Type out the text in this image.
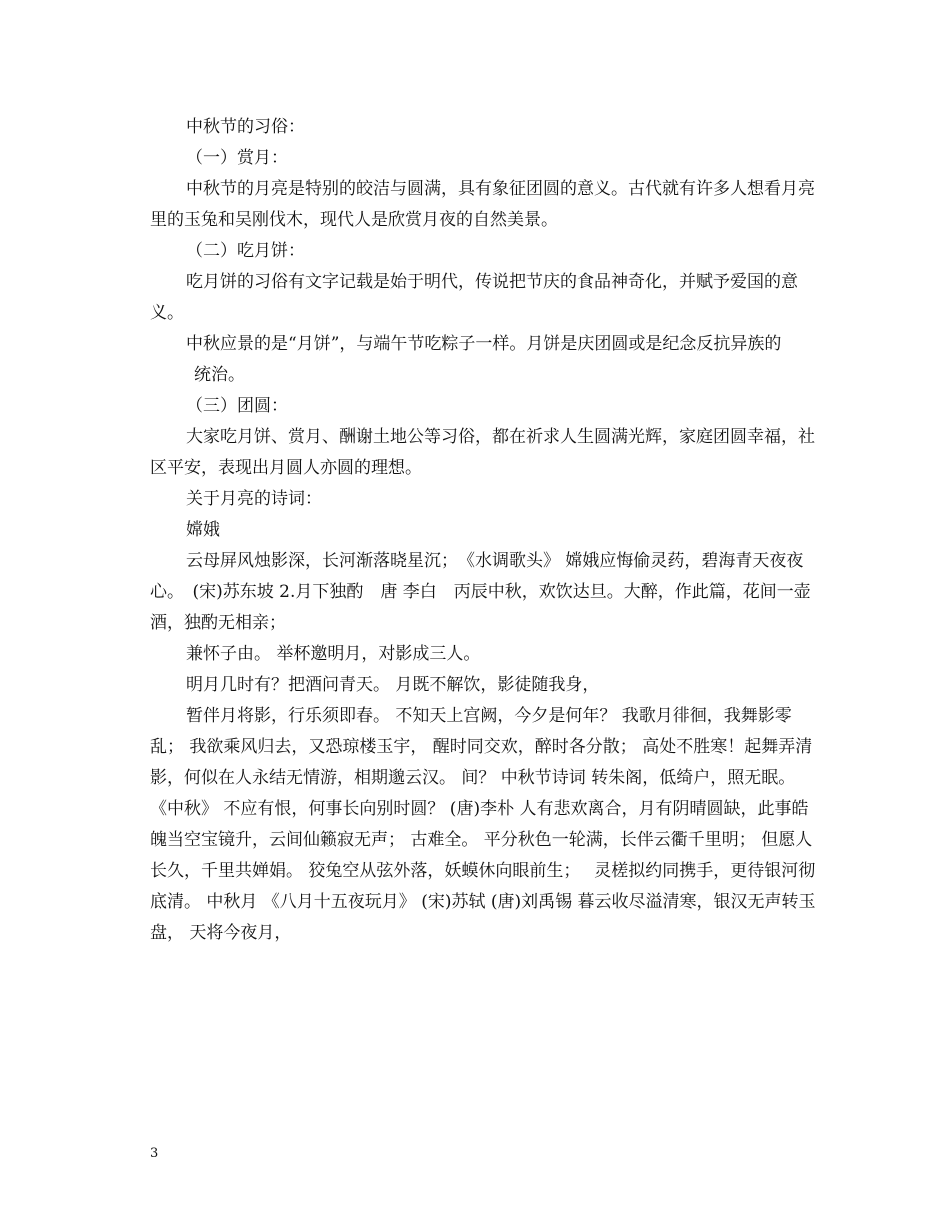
中秋节的习俗：

（一）赏月：

中秋节的月亮是特别的皎洁与圆满，具有象征团圆的意义。古代就有许多人想看月亮里的玉兔和吴刚伐木，现代人是欣赏月夜的自然美景。

（二）吃月饼：

吃月饼的习俗有文字记载是始于明代，传说把节庆的食品神奇化，并赋予爱国的意义。

中秋应景的是“月饼”，与端午节吃粽子一样。月饼是庆团圆或是纪念反抗异族的

统治。

（三）团圆：

大家吃月饼、赏月、酬谢土地公等习俗，都在祈求人生圆满光辉，家庭团圆幸福，社区平安，表现出月圆人亦圆的理想。

关于月亮的诗词：

嫦娥

云母屏风烛影深，长河渐落晓星沉；　《水调歌头》 嫦娥应悔偷灵药，碧海青天夜夜心。　(宋)苏东坡 2.月下独酌　唐 李白　丙辰中秋，欢饮达旦。大醉，作此篇，花间一壶酒，独酌无相亲；

兼怀子由。 举杯邀明月，对影成三人。

明月几时有？把酒问青天。 月既不解饮，影徒随我身，

暂伴月将影，行乐须即春。 不知天上宫阙，今夕是何年？ 我歌月徘徊，我舞影零乱； 我欲乘风归去，又恐琼楼玉宇， 醒时同交欢，醉时各分散； 高处不胜寒！起舞弄清影，何似在人永结无情游，相期邈云汉。 间？ 中秋节诗词 转朱阁，低绮户，照无眠。 《中秋》 不应有恨，何事长向别时圆？ (唐)李朴 人有悲欢离合，月有阴晴圆缺，此事皓魄当空宝镜升，云间仙籁寂无声； 古难全。 平分秋色一轮满，长伴云衢千里明； 但愿人长久，千里共婵娟。 狡兔空从弦外落，妖蟆休向眼前生；　 灵槎拟约同携手，更待银河彻底清。 中秋月 《八月十五夜玩月》 (宋)苏轼 (唐)刘禹锡 暮云收尽溢清寒，银汉无声转玉盘， 天将今夜月，

3
